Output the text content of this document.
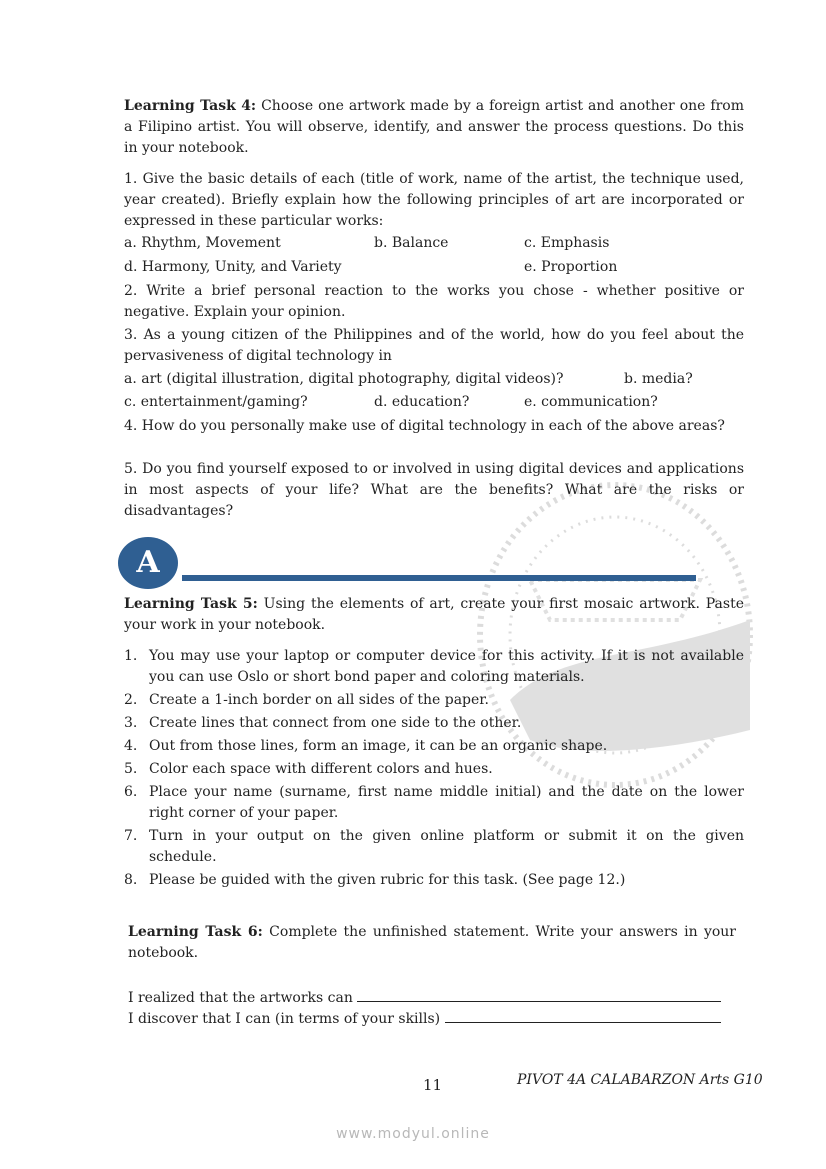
Learning Task 4: Choose one artwork made by a foreign artist and another one from a Filipino artist. You will observe, identify, and answer the process questions. Do this in your notebook.
1. Give the basic details of each (title of work, name of the artist, the technique used, year created). Briefly explain how the following principles of art are incorporated or expressed in these particular works:
a. Rhythm, Movement	b. Balance	c. Emphasis
d. Harmony, Unity, and Variety	e. Proportion
2. Write a brief personal reaction to the works you chose - whether positive or negative. Explain your opinion.
3. As a young citizen of the Philippines and of the world, how do you feel about the pervasiveness of digital technology in
a. art (digital illustration, digital photography, digital videos)?	b. media?
c. entertainment/gaming?	d. education?	e. communication?
4. How do you personally make use of digital technology in each of the above areas?
5. Do you find yourself exposed to or involved in using digital devices and applications in most aspects of your life? What are the benefits? What are the risks or disadvantages?
A
Learning Task 5: Using the elements of art, create your first mosaic artwork. Paste your work in your notebook.
1. You may use your laptop or computer device for this activity. If it is not available you can use Oslo or short bond paper and coloring materials.
2. Create a 1-inch border on all sides of the paper.
3. Create lines that connect from one side to the other.
4. Out from those lines, form an image, it can be an organic shape.
5. Color each space with different colors and hues.
6. Place your name (surname, first name middle initial) and the date on the lower right corner of your paper.
7. Turn in your output on the given online platform or submit it on the given schedule.
8. Please be guided with the given rubric for this task. (See page 12.)
Learning Task 6: Complete the unfinished statement. Write your answers in your notebook.
I realized that the artworks can
I discover that I can (in terms of your skills)
11	PIVOT 4A CALABARZON Arts G10
www.modyul.online
